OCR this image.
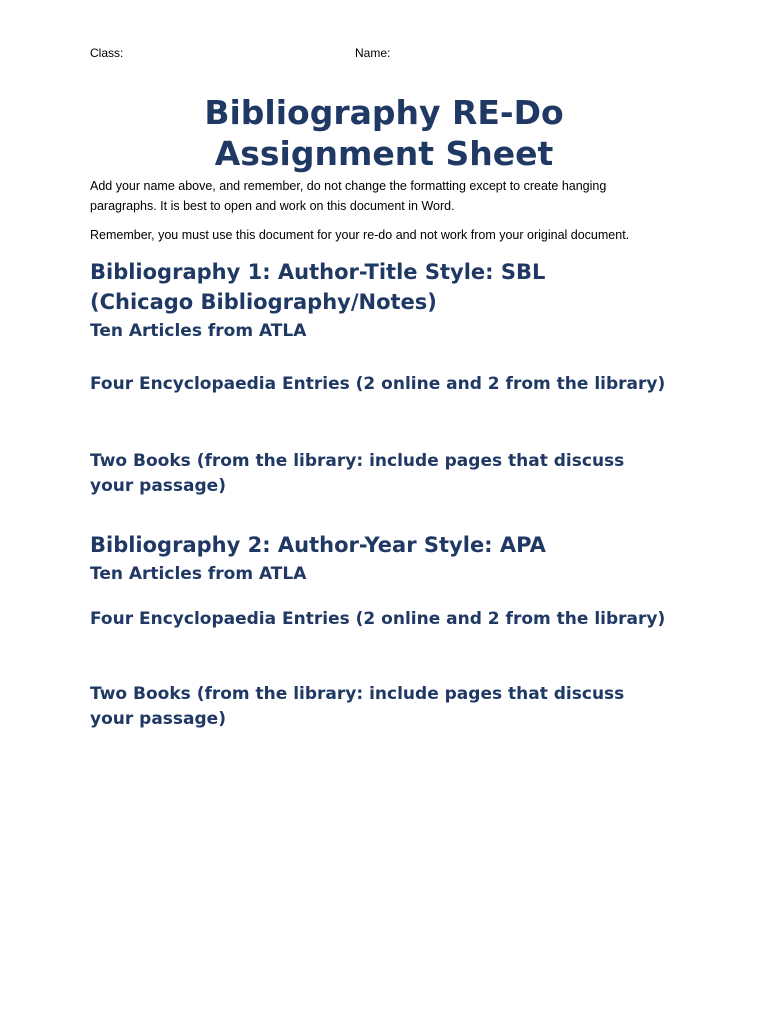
Class:	Name:
Bibliography RE-Do
Assignment Sheet

Add your name above, and remember, do not change the formatting except to create hanging paragraphs. It is best to open and work on this document in Word.

Remember, you must use this document for your re-do and not work from your original document.

Bibliography 1: Author-Title Style: SBL
(Chicago Bibliography/Notes)
Ten Articles from ATLA
Four Encyclopaedia Entries (2 online and 2 from the library)
Two Books (from the library: include pages that discuss your passage)
Bibliography 2: Author-Year Style: APA
Ten Articles from ATLA
Four Encyclopaedia Entries (2 online and 2 from the library)
Two Books (from the library: include pages that discuss your passage)
